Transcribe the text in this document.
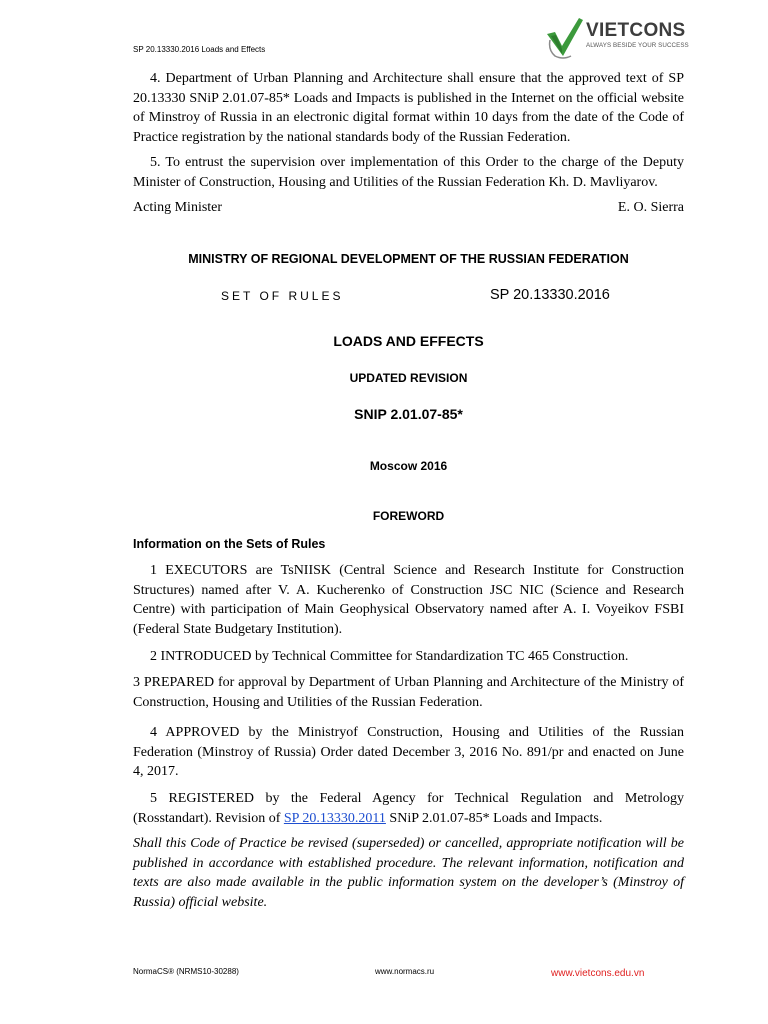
SP 20.13330.2016 Loads and Effects
VIETCONS
ALWAYS BESIDE YOUR SUCCESS

4. Department of Urban Planning and Architecture shall ensure that the approved text of SP 20.13330 SNiP 2.01.07-85* Loads and Impacts is published in the Internet on the official website of Minstroy of Russia in an electronic digital format within 10 days from the date of the Code of Practice registration by the national standards body of the Russian Federation.

5. To entrust the supervision over implementation of this Order to the charge of the Deputy Minister of Construction, Housing and Utilities of the Russian Federation Kh. D. Mavliyarov.

Acting Minister	E. O. Sierra
MINISTRY OF REGIONAL DEVELOPMENT OF THE RUSSIAN FEDERATION
SET OF RULES	SP 20.13330.2016
LOADS AND EFFECTS
UPDATED REVISION
SNIP 2.01.07-85*
Moscow 2016
FOREWORD
Information on the Sets of Rules

1 EXECUTORS are TsNIISK (Central Science and Research Institute for Construction Structures) named after V. A. Kucherenko of Construction JSC NIC (Science and Research Centre) with participation of Main Geophysical Observatory named after A. I. Voyeikov FSBI (Federal State Budgetary Institution).

2 INTRODUCED by Technical Committee for Standardization TC 465 Construction.

3 PREPARED for approval by Department of Urban Planning and Architecture of the Ministry of Construction, Housing and Utilities of the Russian Federation.

4 APPROVED by the Ministryof Construction, Housing and Utilities of the Russian Federation (Minstroy of Russia) Order dated December 3, 2016 No. 891/pr and enacted on June 4, 2017.

5 REGISTERED by the Federal Agency for Technical Regulation and Metrology (Rosstandart). Revision of SP 20.13330.2011 SNiP 2.01.07-85* Loads and Impacts.

Shall this Code of Practice be revised (superseded) or cancelled, appropriate notification will be published in accordance with established procedure. The relevant information, notification and texts are also made available in the public information system on the developer’s (Minstroy of Russia) official website.

NormaCS® (NRMS10-30288)	www.normacs.ru	www.vietcons.edu.vn
